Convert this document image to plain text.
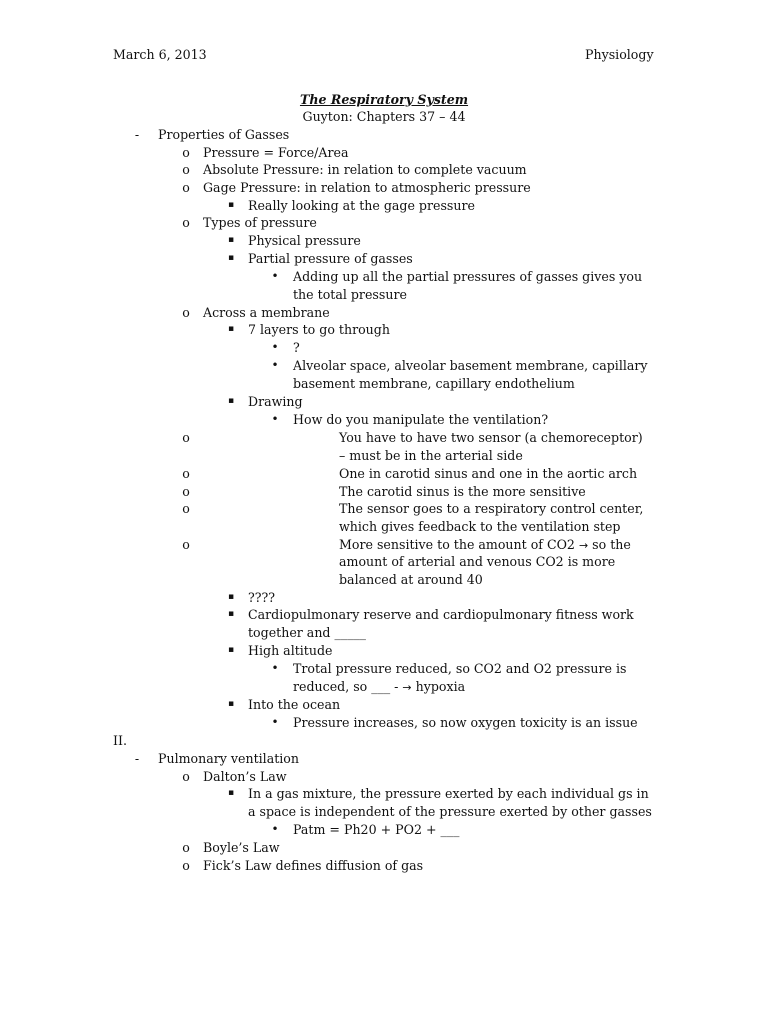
March 6, 2013	Physiology
The Respiratory System
Guyton: Chapters 37 – 44
II.
- Properties of Gasses
o Pressure = Force/Area
o Absolute Pressure: in relation to complete vacuum
o Gage Pressure: in relation to atmospheric pressure
▪	Really looking at the gage pressure
o Types of pressure
▪	Physical pressure
▪	Partial pressure of gasses
• Adding up all the partial pressures of gasses gives you
the total pressure
o Across a membrane
▪	7 layers to go through
• ?
• Alveolar space, alveolar basement membrane, capillary
basement membrane, capillary endothelium
▪	Drawing
• How do you manipulate the ventilation?
o	You have to have two sensor (a chemoreceptor)
– must be in the arterial side
o	One in carotid sinus and one in the aortic arch
o	The carotid sinus is the more sensitive
o	The sensor goes to a respiratory control center,
which gives feedback to the ventilation step
o	More sensitive to the amount of CO2 → so the
amount of arterial and venous CO2 is more
balanced at around 40
▪	????
▪	Cardiopulmonary reserve and cardiopulmonary fitness work
together and _____
▪	High altitude
• Trotal pressure reduced, so CO2 and O2 pressure is
reduced, so ___ - → hypoxia
▪	Into the ocean
• Pressure increases, so now oxygen toxicity is an issue
- Pulmonary ventilation
o Dalton’s Law
▪	In a gas mixture, the pressure exerted by each individual gs in
a space is independent of the pressure exerted by other gasses
• Patm = Ph20 + PO2 + ___
o Boyle’s Law
o Fick’s Law defines diffusion of gas
